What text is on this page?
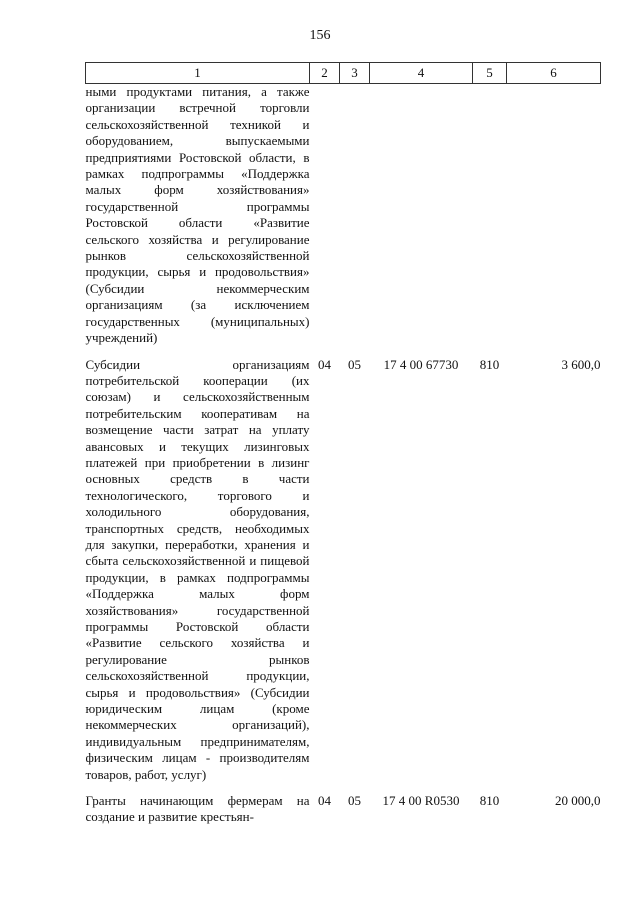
156
1	2	3	4	5	6
ными продуктами питания, а также организации встречной торговли сельскохозяйственной техникой и оборудованием, выпускаемыми предприятиями Ростовской области, в рамках подпрограммы «Поддержка малых форм хозяйствования» государственной программы Ростовской области «Развитие сельского хозяйства и регулирование рынков сельскохозяйственной продукции, сырья и продовольствия» (Субсидии некоммерческим организациям (за исключением государственных (муниципальных) учреждений)					

Субсидии организациям потребительской кооперации (их союзам) и сельскохозяйственным потребительским кооперативам на возмещение части затрат на уплату авансовых и текущих лизинговых платежей при приобретении в лизинг основных средств в части технологического, торгового и холодильного оборудования, транспортных средств, необходимых для закупки, переработки, хранения и сбыта сельскохозяйственной и пищевой продукции, в рамках подпрограммы «Поддержка малых форм хозяйствования» государственной программы Ростовской области «Развитие сельского хозяйства и регулирование рынков сельскохозяйственной продукции, сырья и продовольствия» (Субсидии юридическим лицам (кроме некоммерческих организаций), индивидуальным предпринимателям, физическим лицам - производителям товаров, работ, услуг)	04	05	17 4 00 67730	810	3 600,0

Гранты начинающим фермерам на создание и развитие крестьян-	04	05	17 4 00 R0530	810	20 000,0
